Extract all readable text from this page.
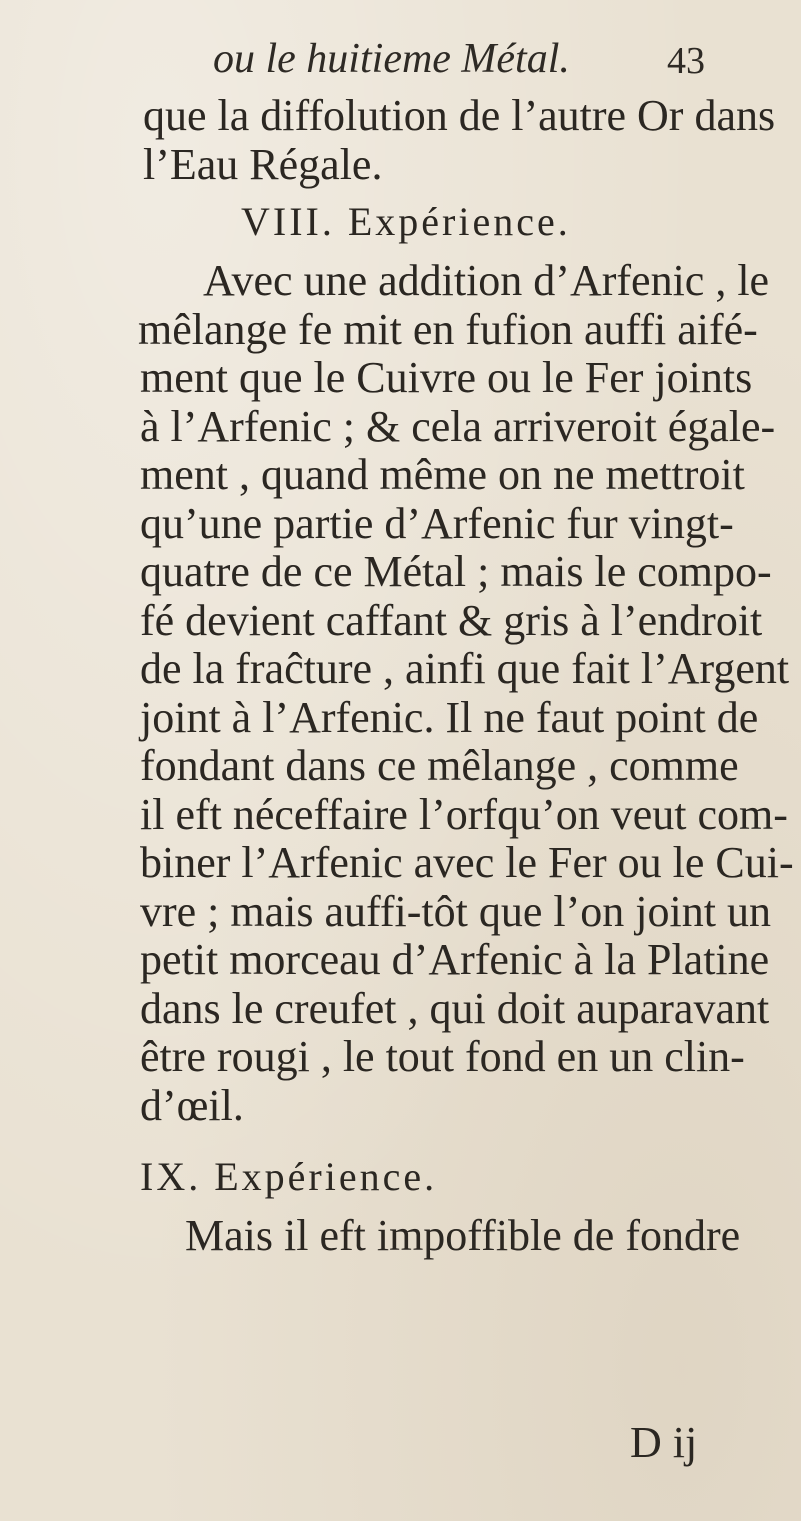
ou le huitieme Métal.	43
que la diffolution de l’autre Or dans
l’Eau Régale.
VIII. Expérience.
Avec une addition d’Arfenic , le
mêlange fe mit en fufion auffi aifé-
ment que le Cuivre ou le Fer joints
à l’Arfenic ; & cela arriveroit égale-
ment , quand même on ne mettroit
qu’une partie d’Arfenic fur vingt-
quatre de ce Métal ; mais le compo-
fé devient caffant & gris à l’endroit
de la fraĉture , ainfi que fait l’Argent
joint à l’Arfenic. Il ne faut point de
fondant dans ce mêlange , comme
il eft néceffaire l’orfqu’on veut com-
biner l’Arfenic avec le Fer ou le Cui-
vre ; mais auffi-tôt que l’on joint un
petit morceau d’Arfenic à la Platine
dans le creufet , qui doit auparavant
être rougi , le tout fond en un clin-
d’œil.
IX. Expérience.
Mais il eft impoffible de fondre
D ij
